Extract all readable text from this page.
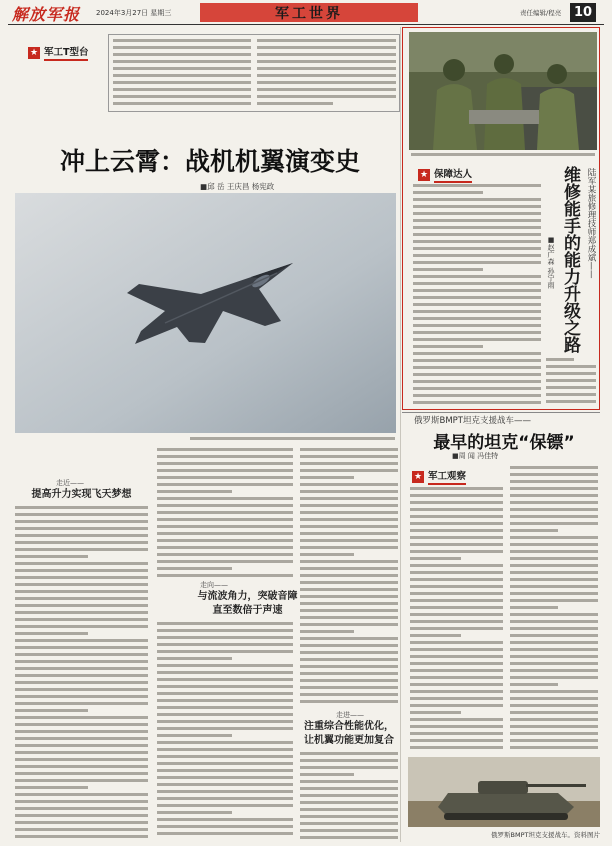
解放军报 2024年3月27日 星期三	军工世界	责任编辑/程亮 10
★ 军工T型台
冲上云霄：战机机翼演变史
■邱 岳 王庆昌 杨宪政
走近——
提高升力实现飞天梦想
走向——
与流波角力，突破音障直至数倍于声速
走进——
注重综合性能优化，让机翼功能更加复合
★ 保障达人	陆军某旅修理技师郑成斌——
维修能手的能力升级之路
■赵广森 孙宁雨
俄罗斯BMPT坦克支援战车——
最早的坦克“保镖”
■周 闻 冯佳特
★ 军工观察
俄罗斯BMPT坦克支援战车。资料图片
